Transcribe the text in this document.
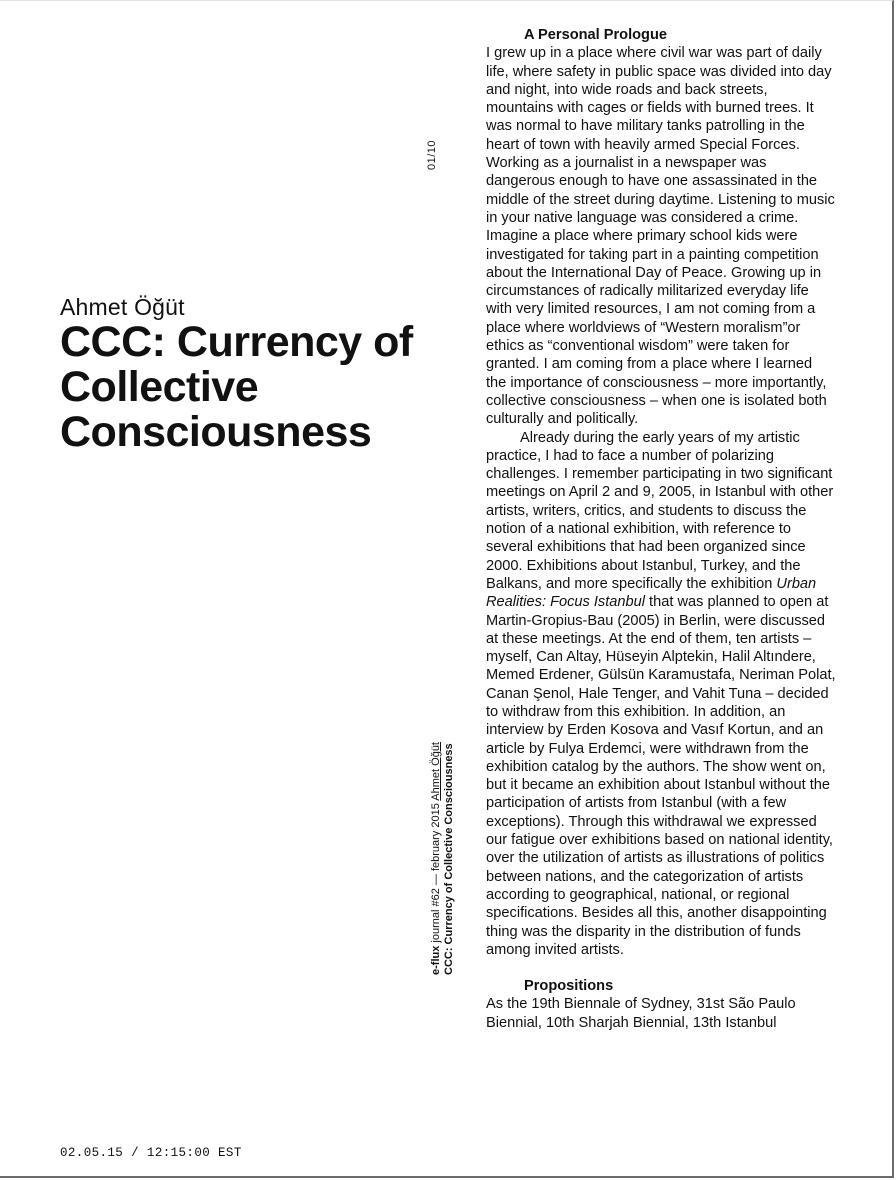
Ahmet Öğüt
CCC: Currency of Collective Consciousness
01/10
e-flux journal #62 — february 2015 Ahmet Öğüt CCC: Currency of Collective Consciousness
A Personal Prologue

I grew up in a place where civil war was part of daily life, where safety in public space was divided into day and night, into wide roads and back streets, mountains with cages or fields with burned trees. It was normal to have military tanks patrolling in the heart of town with heavily armed Special Forces. Working as a journalist in a newspaper was dangerous enough to have one assassinated in the middle of the street during daytime. Listening to music in your native language was considered a crime. Imagine a place where primary school kids were investigated for taking part in a painting competition about the International Day of Peace. Growing up in circumstances of radically militarized everyday life with very limited resources, I am not coming from a place where worldviews of “Western moralism”or ethics as “conventional wisdom” were taken for granted. I am coming from a place where I learned the importance of consciousness – more importantly, collective consciousness – when one is isolated both culturally and politically.

Already during the early years of my artistic practice, I had to face a number of polarizing challenges. I remember participating in two significant meetings on April 2 and 9, 2005, in Istanbul with other artists, writers, critics, and students to discuss the notion of a national exhibition, with reference to several exhibitions that had been organized since 2000. Exhibitions about Istanbul, Turkey, and the Balkans, and more specifically the exhibition Urban Realities: Focus Istanbul that was planned to open at Martin-Gropius-Bau (2005) in Berlin, were discussed at these meetings. At the end of them, ten artists – myself, Can Altay, Hüseyin Alptekin, Halil Altındere, Memed Erdener, Gülsün Karamustafa, Neriman Polat, Canan Şenol, Hale Tenger, and Vahit Tuna – decided to withdraw from this exhibition. In addition, an interview by Erden Kosova and Vasıf Kortun, and an article by Fulya Erdemci, were withdrawn from the exhibition catalog by the authors. The show went on, but it became an exhibition about Istanbul without the participation of artists from Istanbul (with a few exceptions). Through this withdrawal we expressed our fatigue over exhibitions based on national identity, over the utilization of artists as illustrations of politics between nations, and the categorization of artists according to geographical, national, or regional specifications. Besides all this, another disappointing thing was the disparity in the distribution of funds among invited artists.

Propositions

As the 19th Biennale of Sydney, 31st São Paulo Biennial, 10th Sharjah Biennial, 13th Istanbul

02.05.15 / 12:15:00 EST
